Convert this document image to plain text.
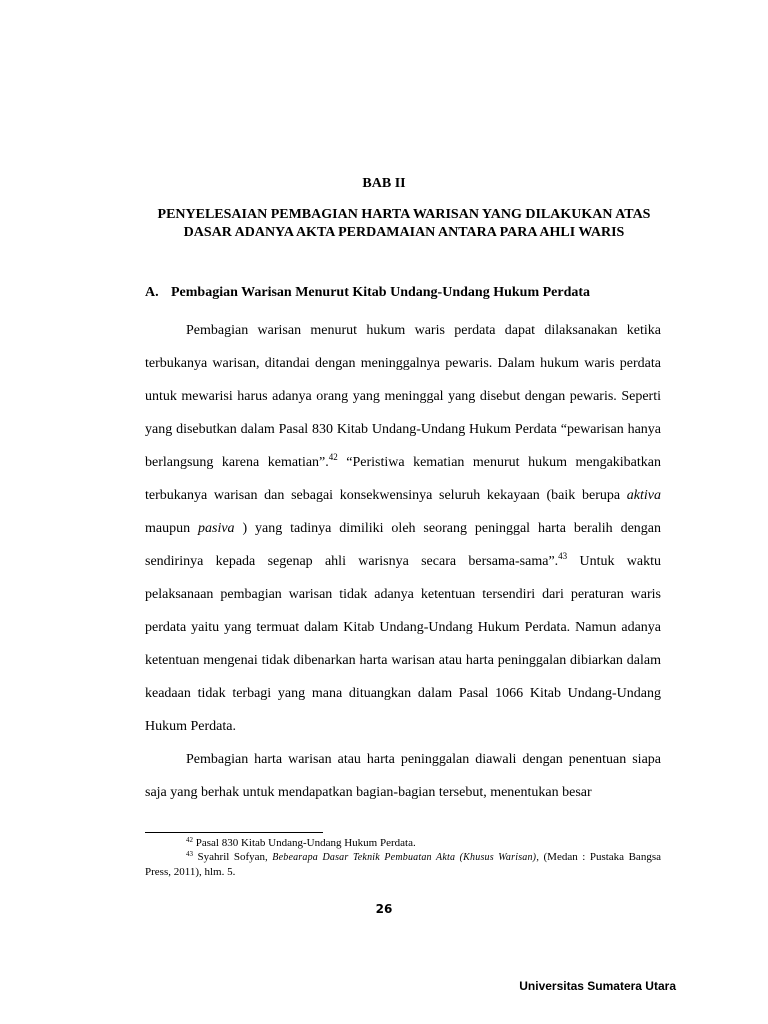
BAB II
PENYELESAIAN PEMBAGIAN HARTA WARISAN YANG DILAKUKAN ATAS DASAR ADANYA AKTA PERDAMAIAN ANTARA PARA AHLI WARIS
A. Pembagian Warisan Menurut Kitab Undang-Undang Hukum Perdata

Pembagian warisan menurut hukum waris perdata dapat dilaksanakan ketika terbukanya warisan, ditandai dengan meninggalnya pewaris. Dalam hukum waris perdata untuk mewarisi harus adanya orang yang meninggal yang disebut dengan pewaris. Seperti yang disebutkan dalam Pasal 830 Kitab Undang-Undang Hukum Perdata “pewarisan hanya berlangsung karena kematian”.$^{42}$ “Peristiwa kematian menurut hukum mengakibatkan terbukanya warisan dan sebagai konsekwensinya seluruh kekayaan (baik berupa aktiva maupun pasiva ) yang tadinya dimiliki oleh seorang peninggal harta beralih dengan sendirinya kepada segenap ahli warisnya secara bersama-sama”.$^{43}$ Untuk waktu pelaksanaan pembagian warisan tidak adanya ketentuan tersendiri dari peraturan waris perdata yaitu yang termuat dalam Kitab Undang-Undang Hukum Perdata. Namun adanya ketentuan mengenai tidak dibenarkan harta warisan atau harta peninggalan dibiarkan dalam keadaan tidak terbagi yang mana dituangkan dalam Pasal 1066 Kitab Undang-Undang Hukum Perdata.

Pembagian harta warisan atau harta peninggalan diawali dengan penentuan siapa saja yang berhak untuk mendapatkan bagian-bagian tersebut, menentukan besar

$^{42}$ Pasal 830 Kitab Undang-Undang Hukum Perdata.

$^{43}$ Syahril Sofyan, Bebearapa Dasar Teknik Pembuatan Akta (Khusus Warisan), (Medan : Pustaka Bangsa Press, 2011), hlm. 5.

26
Universitas Sumatera Utara
